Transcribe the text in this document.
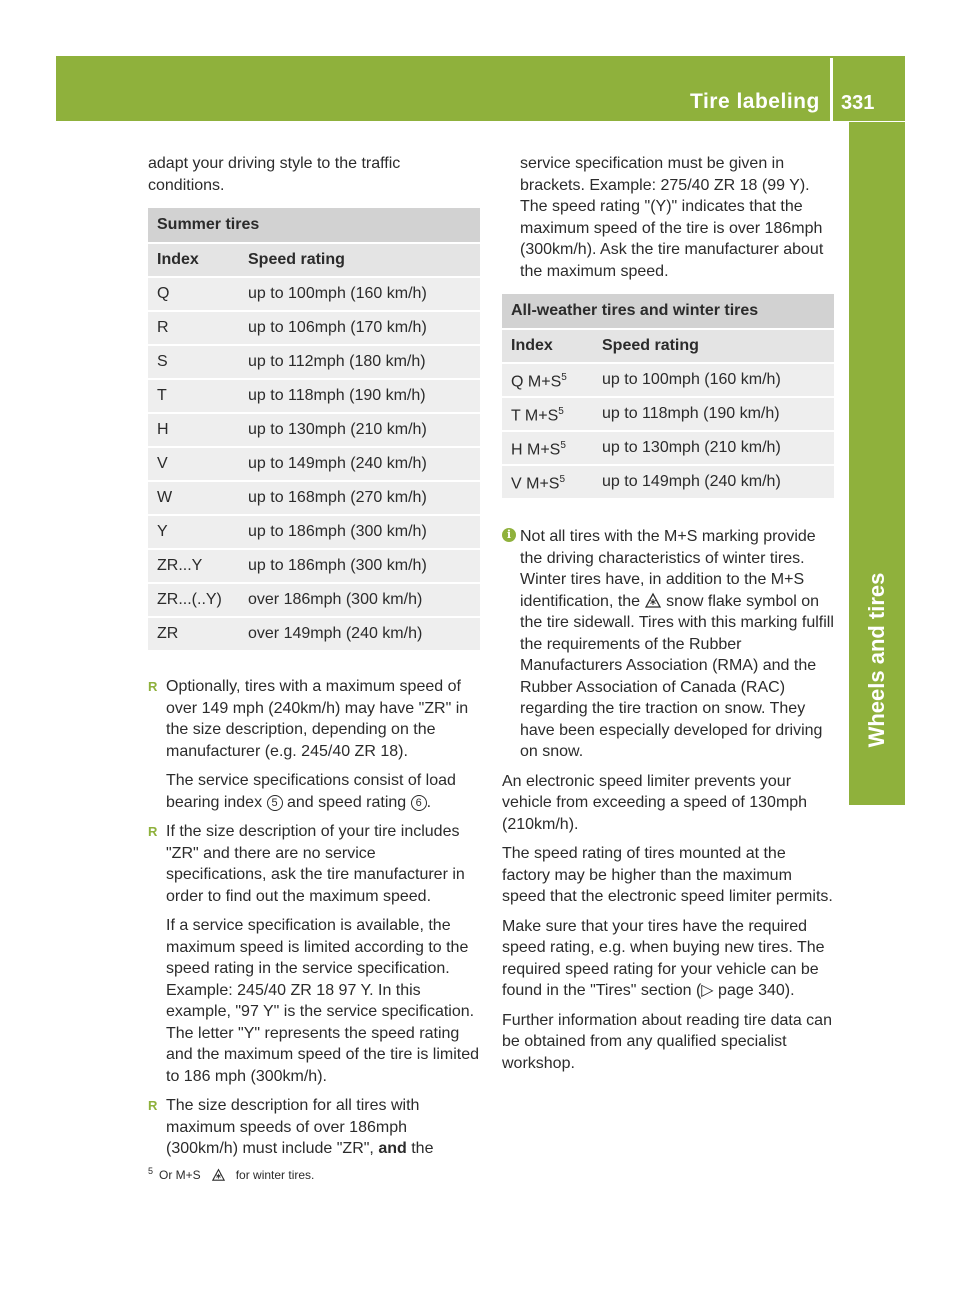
Tire labeling 331
Wheels and tires

adapt your driving style to the traffic conditions.

Summer tires	
Index	Speed rating
Q	up to 100mph (160 km/h)
R	up to 106mph (170 km/h)
S	up to 112mph (180 km/h)
T	up to 118mph (190 km/h)
H	up to 130mph (210 km/h)
V	up to 149mph (240 km/h)
W	up to 168mph (270 km/h)
Y	up to 186mph (300 km/h)
ZR...Y	up to 186mph (300 km/h)
ZR...(..Y)	over 186mph (300 km/h)
ZR	over 149mph (240 km/h)
R Optionally, tires with a maximum speed of over 149 mph (240km/h) may have "ZR" in the size description, depending on the manufacturer (e.g. 245/40 ZR 18).

The service specifications consist of load bearing index 5 and speed rating 6 .

R If the size description of your tire includes "ZR" and there are no service specifications, ask the tire manufacturer in order to find out the maximum speed.

If a service specification is available, the maximum speed is limited according to the speed rating in the service specification. Example: 245/40 ZR 18 97 Y. In this example, "97 Y" is the service specification. The letter "Y" represents the speed rating and the maximum speed of the tire is limited to 186 mph (300km/h).

R The size description for all tires with maximum speeds of over 186mph (300km/h) must include "ZR", and the

service specification must be given in brackets. Example: 275/40 ZR 18 (99 Y). The speed rating "(Y)" indicates that the maximum speed of the tire is over 186mph (300km/h). Ask the tire manufacturer about the maximum speed.

All-weather tires and winter tires	
Index	Speed rating
Q $M+S^5$	up to 100mph (160 km/h)
T $M+S^5$	up to 118mph (190 km/h)
H $M+S^5$	up to 130mph (210 km/h)
V $M+S^5$	up to 149mph (240 km/h)
i Not all tires with the M+S marking provide the driving characteristics of winter tires. Winter tires have, in addition to the M+S identification, the snow flake symbol on the tire sidewall. Tires with this marking fulfill the requirements of the Rubber Manufacturers Association (RMA) and the Rubber Association of Canada (RAC) regarding the tire traction on snow. They have been especially developed for driving on snow.

An electronic speed limiter prevents your vehicle from exceeding a speed of 130mph (210km/h).

The speed rating of tires mounted at the factory may be higher than the maximum speed that the electronic speed limiter permits.

Make sure that your tires have the required speed rating, e.g. when buying new tires. The required speed rating for your vehicle can be found in the "Tires" section (▷ page 340).

Further information about reading tire data can be obtained from any qualified specialist workshop.

$^5$ Or M+S	for winter tires.
